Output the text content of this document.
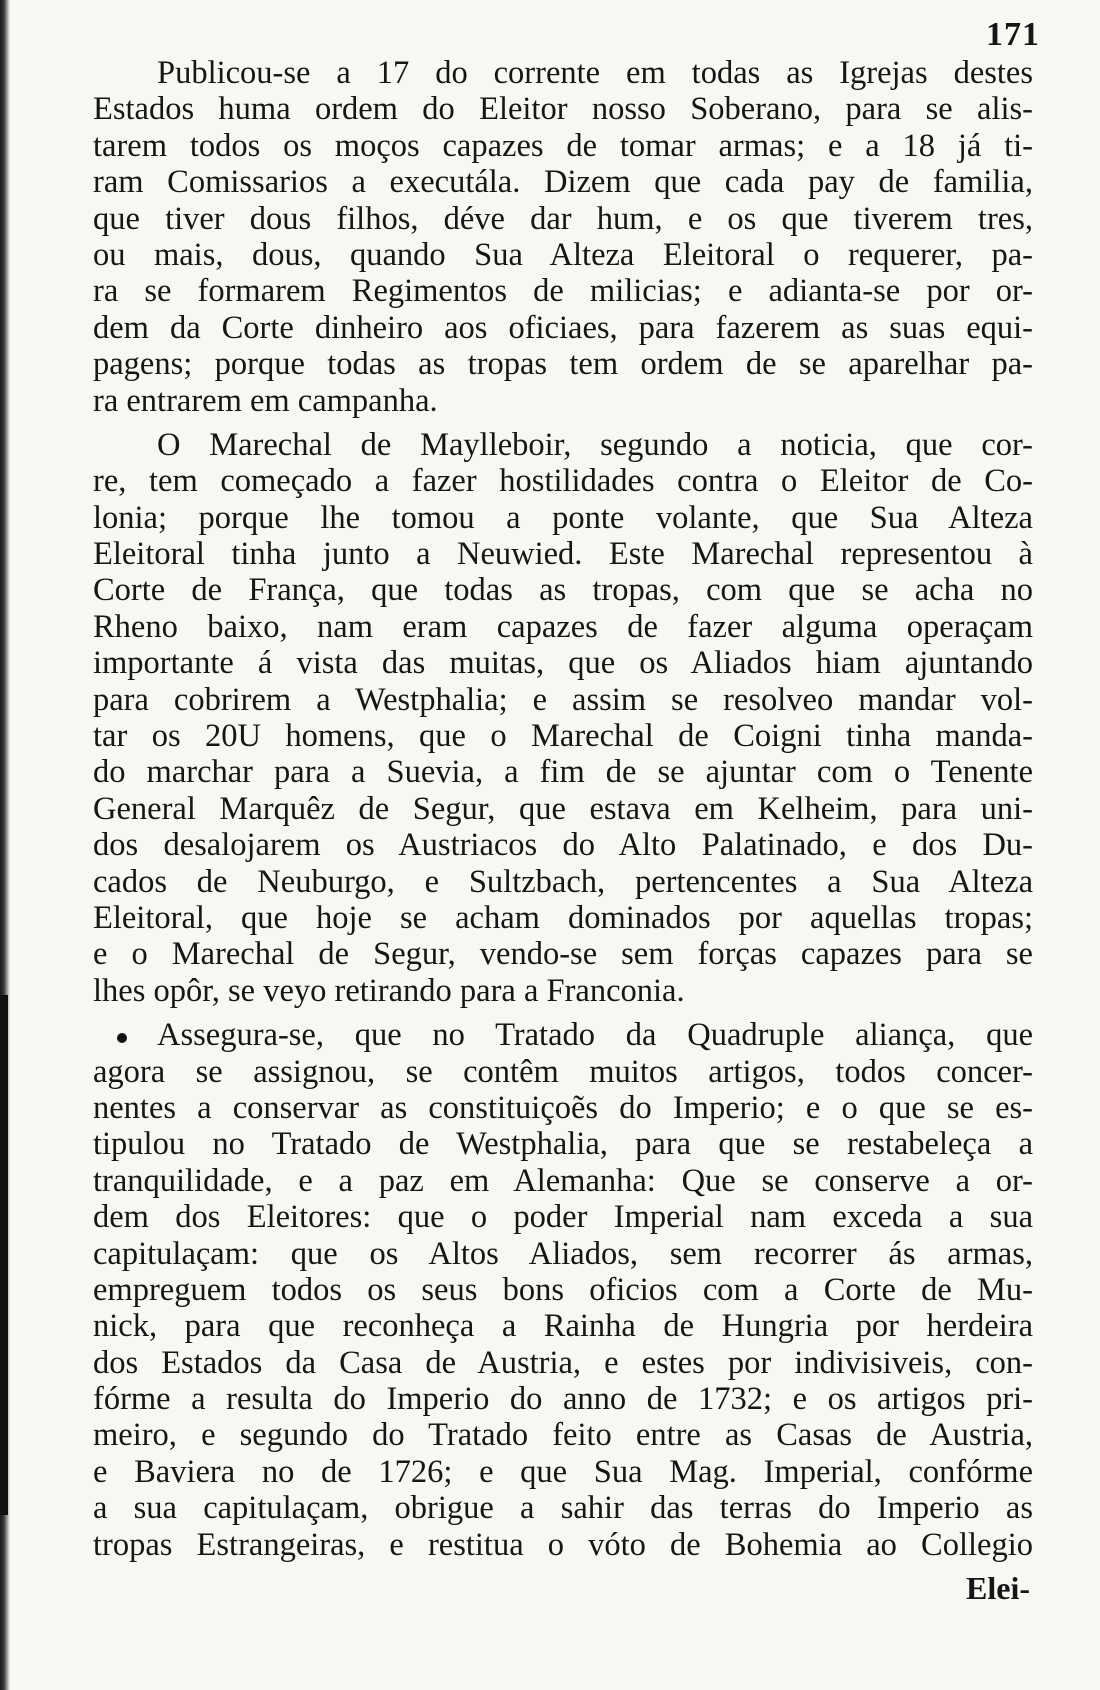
171
Publicou-se a 17 do corrente em todas as Igrejas destes
Estados huma ordem do Eleitor nosso Soberano, para se alis-
tarem todos os moços capazes de tomar armas; e a 18 já ti-
ram Comissarios a executála. Dizem que cada pay de familia,
que tiver dous filhos, déve dar hum, e os que tiverem tres,
ou mais, dous, quando Sua Alteza Eleitoral o requerer, pa-
ra se formarem Regimentos de milicias; e adianta-se por or-
dem da Corte dinheiro aos oficiaes, para fazerem as suas equi-
pagens; porque todas as tropas tem ordem de se aparelhar pa-
ra entrarem em campanha.
O Marechal de Maylleboir, segundo a noticia, que cor-
re, tem começado a fazer hostilidades contra o Eleitor de Co-
lonia; porque lhe tomou a ponte volante, que Sua Alteza
Eleitoral tinha junto a Neuwied. Este Marechal representou à
Corte de França, que todas as tropas, com que se acha no
Rheno baixo, nam eram capazes de fazer alguma operaçam
importante á vista das muitas, que os Aliados hiam ajuntando
para cobrirem a Westphalia; e assim se resolveo mandar vol-
tar os 20U homens, que o Marechal de Coigni tinha manda-
do marchar para a Suevia, a fim de se ajuntar com o Tenente
General Marquêz de Segur, que estava em Kelheim, para uni-
dos desalojarem os Austriacos do Alto Palatinado, e dos Du-
cados de Neuburgo, e Sultzbach, pertencentes a Sua Alteza
Eleitoral, que hoje se acham dominados por aquellas tropas;
e o Marechal de Segur, vendo-se sem forças capazes para se
lhes opôr, se veyo retirando para a Franconia.
Assegura-se, que no Tratado da Quadruple aliança, que
agora se assignou, se contêm muitos artigos, todos concer-
nentes a conservar as constituiçoẽs do Imperio; e o que se es-
tipulou no Tratado de Westphalia, para que se restabeleça a
tranquilidade, e a paz em Alemanha: Que se conserve a or-
dem dos Eleitores: que o poder Imperial nam exceda a sua
capitulaçam: que os Altos Aliados, sem recorrer ás armas,
empreguem todos os seus bons oficios com a Corte de Mu-
nick, para que reconheça a Rainha de Hungria por herdeira
dos Estados da Casa de Austria, e estes por indivisiveis, con-
fórme a resulta do Imperio do anno de 1732; e os artigos pri-
meiro, e segundo do Tratado feito entre as Casas de Austria,
e Baviera no de 1726; e que Sua Mag. Imperial, confórme
a sua capitulaçam, obrigue a sahir das terras do Imperio as
tropas Estrangeiras, e restitua o vóto de Bohemia ao Collegio
Elei-
